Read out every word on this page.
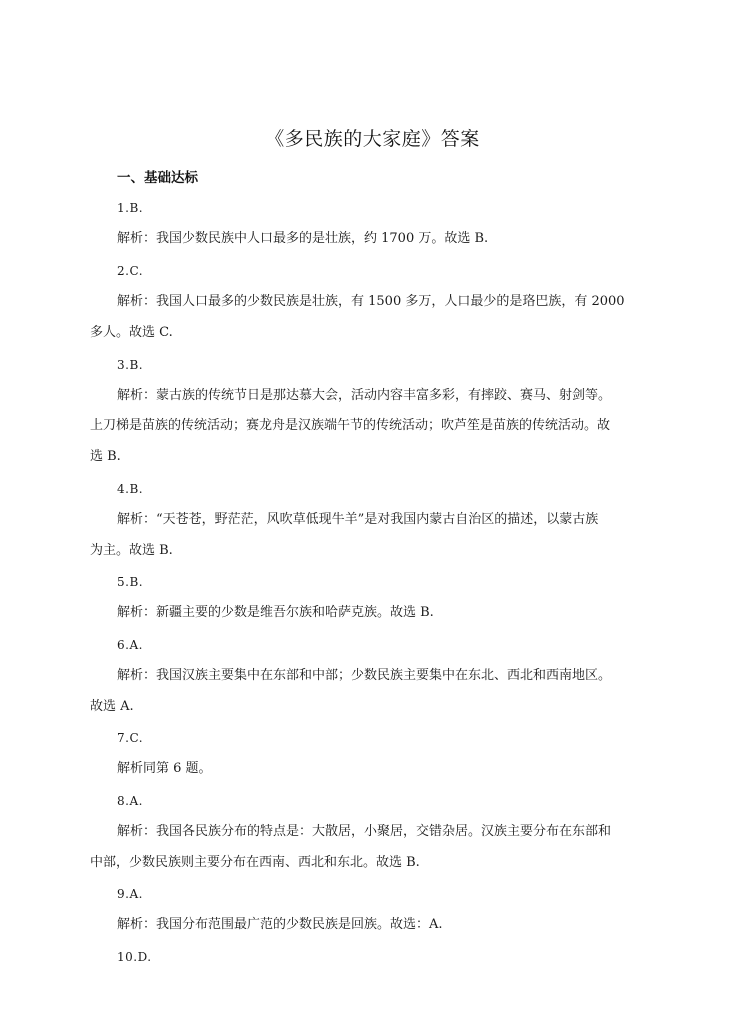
《多民族的大家庭》答案
一、基础达标
1.B.
解析：我国少数民族中人口最多的是壮族，约 1700 万。故选 B.
2.C.
解析：我国人口最多的少数民族是壮族，有 1500 多万，人口最少的是珞巴族，有 2000
多人。故选 C.
3.B.
解析：蒙古族的传统节日是那达慕大会，活动内容丰富多彩，有摔跤、赛马、射剑等。
上刀梯是苗族的传统活动；赛龙舟是汉族端午节的传统活动；吹芦笙是苗族的传统活动。故
选 B.
4.B.
解析：“天苍苍，野茫茫，风吹草低现牛羊”是对我国内蒙古自治区的描述，以蒙古族
为主。故选 B.
5.B.
解析：新疆主要的少数是维吾尔族和哈萨克族。故选 B.
6.A.
解析：我国汉族主要集中在东部和中部；少数民族主要集中在东北、西北和西南地区。
故选 A.
7.C.
解析同第 6 题。
8.A.
解析：我国各民族分布的特点是：大散居，小聚居，交错杂居。汉族主要分布在东部和
中部，少数民族则主要分布在西南、西北和东北。故选 B.
9.A.
解析：我国分布范围最广范的少数民族是回族。故选：A.
10.D.
